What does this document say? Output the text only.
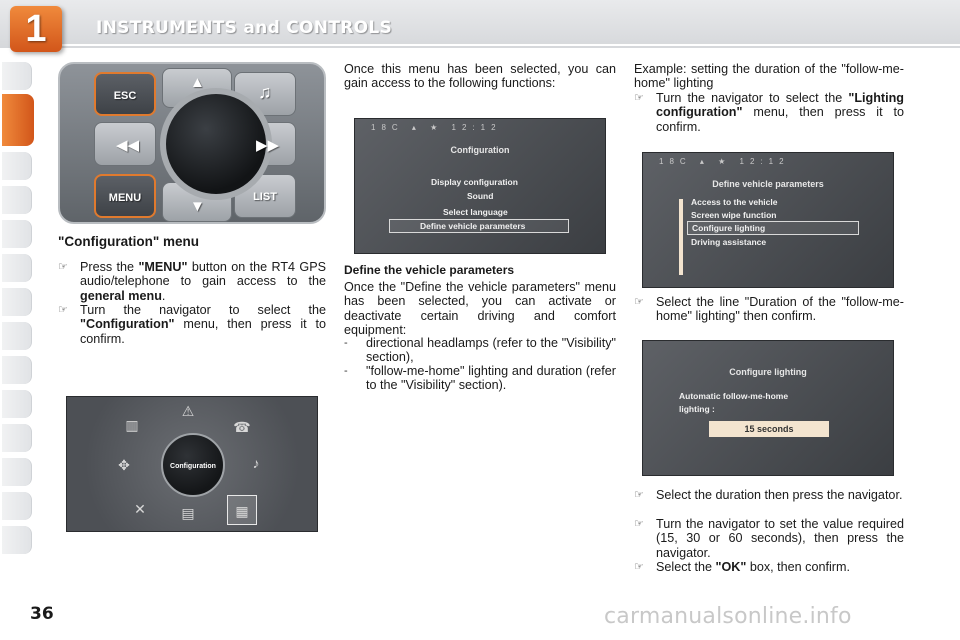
INSTRUMENTS and CONTROLS
1
ESC
MENU	LIST
▲
▼
◀◀	▶▶
♫
"Configuration" menu
☞ Press the "MENU" button on the RT4 GPS audio/telephone to gain access to the general menu.
☞ Turn the navigator to select the "Configuration" menu, then press it to confirm.
Configuration
▥
⚠
☎
✥	♪
✕	▤	▦
Once this menu has been selected, you can gain access to the following functions:
18C ▴ ★ 12:12
Configuration
Display configuration
Sound
Select language
Define vehicle parameters
Define the vehicle parameters
Once the "Define the vehicle parameters" menu has been selected, you can activate or deactivate certain driving and comfort equipment:
-	directional headlamps (refer to the "Visibility" section),
-	"follow-me-home" lighting and duration (refer to the "Visibility" section).
Example: setting the duration of the "follow-me-home" lighting
☞ Turn the navigator to select the "Lighting configuration" menu, then press it to confirm.
18C ▴ ★ 12:12
Define vehicle parameters
Access to the vehicle
Screen wipe function
Configure lighting
Driving assistance
☞ Select the line "Duration of the "follow-me-home" lighting" then confirm.
Configure lighting
Automatic follow-me-home
lighting :
15 seconds
☞ Select the duration then press the navigator.
☞ Turn the navigator to set the value required (15, 30 or 60 seconds), then press the navigator.
☞ Select the "OK" box, then confirm.
36	carmanualsonline.info
